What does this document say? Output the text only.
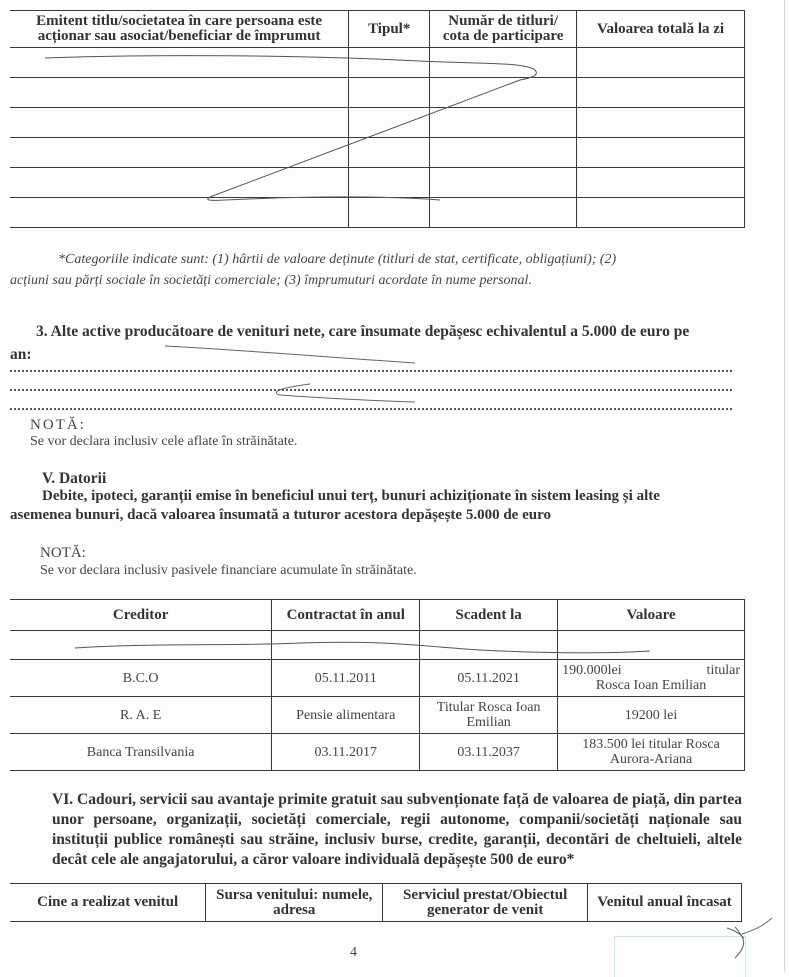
Emitent titlu/societatea în care persoana este acționar sau asociat/beneficiar de împrumut	Tipul*	Număr de titluri/ cota de participare	Valoarea totală la zi

*Categoriile indicate sunt: (1) hârtii de valoare deținute (titluri de stat, certificate, obligațiuni); (2)
acțiuni sau părți sociale în societăți comerciale; (3) împrumuturi acordate în nume personal.
3. Alte active producătoare de venituri nete, care însumate depășesc echivalentul a 5.000 de euro pe
an:
NOTĂ:
Se vor declara inclusiv cele aflate în străinătate.
V. Datorii
Debite, ipoteci, garanții emise în beneficiul unui terț, bunuri achiziționate în sistem leasing și alte
asemenea bunuri, dacă valoarea însumată a tuturor acestora depășește 5.000 de euro
NOTĂ:
Se vor declara inclusiv pasivele financiare acumulate în străinătate.
Creditor	Contractat în anul	Scadent la	Valoare

B.C.O	05.11.2011	05.11.2021	190.000lei titular
Rosca Ioan Emilian
R. A. E	Pensie alimentara	Titular Rosca Ioan Emilian	19200 lei
Banca Transilvania	03.11.2017	03.11.2037	183.500 lei titular Rosca
Aurora-Ariana
VI. Cadouri, servicii sau avantaje primite gratuit sau subvenționate față de valoarea de piață, din partea unor persoane, organizații, societăți comerciale, regii autonome, companii/societăți naționale sau instituții publice românești sau străine, inclusiv burse, credite, garanții, decontări de cheltuieli, altele decât cele ale angajatorului, a căror valoare individuală depășește 500 de euro*
Cine a realizat venitul	Sursa venitului: numele, adresa	Serviciul prestat/Obiectul generator de venit	Venitul anual încasat
4
